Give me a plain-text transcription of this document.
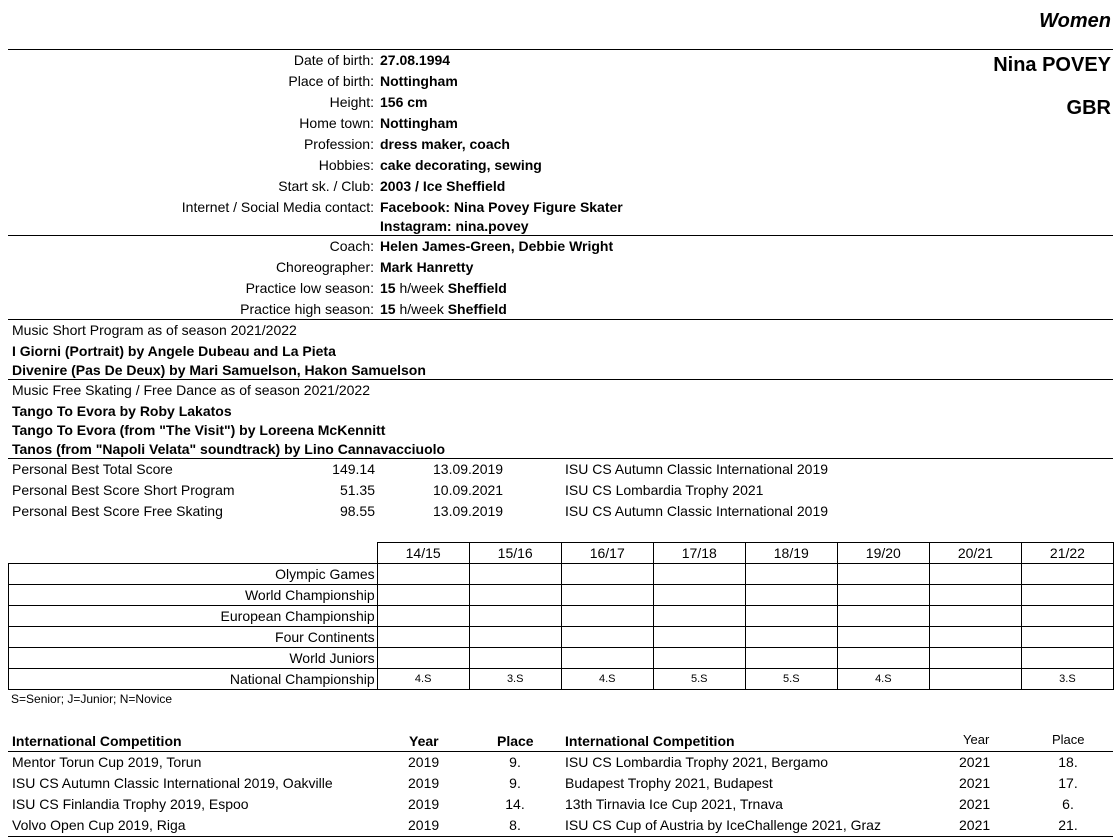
Women
Nina POVEY
GBR
Date of birth: 27.08.1994
Place of birth: Nottingham
Height: 156 cm
Home town: Nottingham
Profession: dress maker, coach
Hobbies: cake decorating, sewing
Start sk. / Club: 2003 / Ice Sheffield
Internet / Social Media contact: Facebook: Nina Povey Figure Skater
Instagram: nina.povey
Coach: Helen James-Green, Debbie Wright
Choreographer: Mark Hanretty
Practice low season: 15 h/week Sheffield
Practice high season: 15 h/week Sheffield
Music Short Program as of season 2021/2022
I Giorni (Portrait) by Angele Dubeau and La Pieta
Divenire (Pas De Deux) by Mari Samuelson, Hakon Samuelson
Music Free Skating / Free Dance as of season 2021/2022
Tango To Evora by Roby Lakatos
Tango To Evora (from "The Visit") by Loreena McKennitt
Tanos (from "Napoli Velata" soundtrack) by Lino Cannavacciuolo
Personal Best Total Score	149.14	13.09.2019	ISU CS Autumn Classic International 2019
Personal Best Score Short Program	51.35	10.09.2021	ISU CS Lombardia Trophy 2021
Personal Best Score Free Skating	98.55	13.09.2019	ISU CS Autumn Classic International 2019
	14/15	15/16	16/17	17/18	18/19	19/20	20/21	21/22
Olympic Games								
World Championship								
European Championship								
Four Continents								
World Juniors								
National Championship	4.S	3.S	4.S	5.S	5.S	4.S		3.S
S=Senior; J=Junior; N=Novice
International Competition	Year	Place International Competition	Year	Place
Mentor Torun Cup 2019, Torun	2019	9.	ISU CS Lombardia Trophy 2021, Bergamo	2021	18.
ISU CS Autumn Classic International 2019, Oakville	2019	9.	Budapest Trophy 2021, Budapest	2021	17.
ISU CS Finlandia Trophy 2019, Espoo	2019	14.	13th Tirnavia Ice Cup 2021, Trnava	2021	6.
Volvo Open Cup 2019, Riga	2019	8.	ISU CS Cup of Austria by IceChallenge 2021, Graz	2021	21.
